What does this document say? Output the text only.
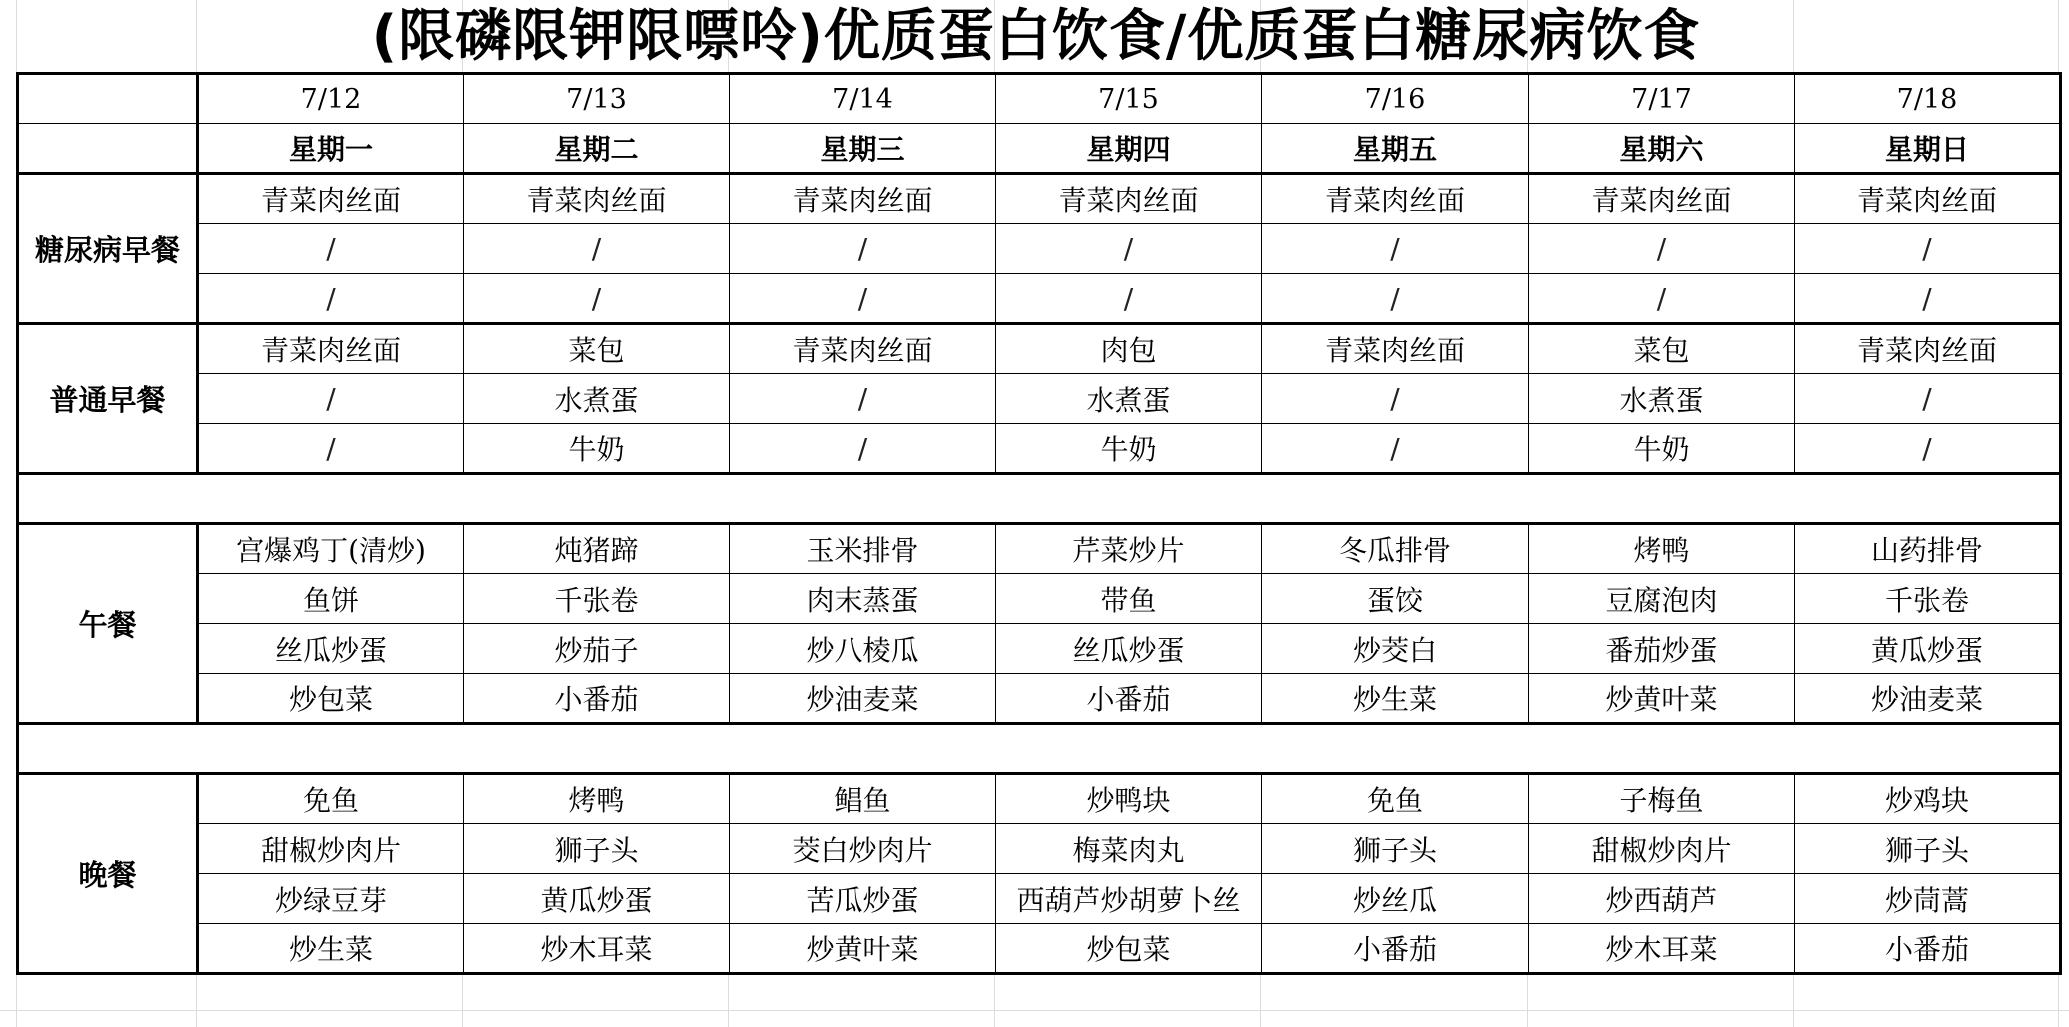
(限磷限钾限嘌呤)优质蛋白饮食/优质蛋白糖尿病饮食
	7/12	7/13	7/14	7/15	7/16	7/17	7/18
	星期一	星期二	星期三	星期四	星期五	星期六	星期日
糖尿病早餐	青菜肉丝面	青菜肉丝面	青菜肉丝面	青菜肉丝面	青菜肉丝面	青菜肉丝面	青菜肉丝面
	/	/	/	/	/	/	/
	/	/	/	/	/	/	/
普通早餐	青菜肉丝面	菜包	青菜肉丝面	肉包	青菜肉丝面	菜包	青菜肉丝面
	/	水煮蛋	/	水煮蛋	/	水煮蛋	/
	/	牛奶	/	牛奶	/	牛奶	/

午餐	宫爆鸡丁(清炒)	炖猪蹄	玉米排骨	芹菜炒片	冬瓜排骨	烤鸭	山药排骨
	鱼饼	千张卷	肉末蒸蛋	带鱼	蛋饺	豆腐泡肉	千张卷
	丝瓜炒蛋	炒茄子	炒八棱瓜	丝瓜炒蛋	炒茭白	番茄炒蛋	黄瓜炒蛋
	炒包菜	小番茄	炒油麦菜	小番茄	炒生菜	炒黄叶菜	炒油麦菜

晚餐	免鱼	烤鸭	鲳鱼	炒鸭块	免鱼	子梅鱼	炒鸡块
	甜椒炒肉片	狮子头	茭白炒肉片	梅菜肉丸	狮子头	甜椒炒肉片	狮子头
	炒绿豆芽	黄瓜炒蛋	苦瓜炒蛋	西葫芦炒胡萝卜丝	炒丝瓜	炒西葫芦	炒茼蒿
	炒生菜	炒木耳菜	炒黄叶菜	炒包菜	小番茄	炒木耳菜	小番茄
